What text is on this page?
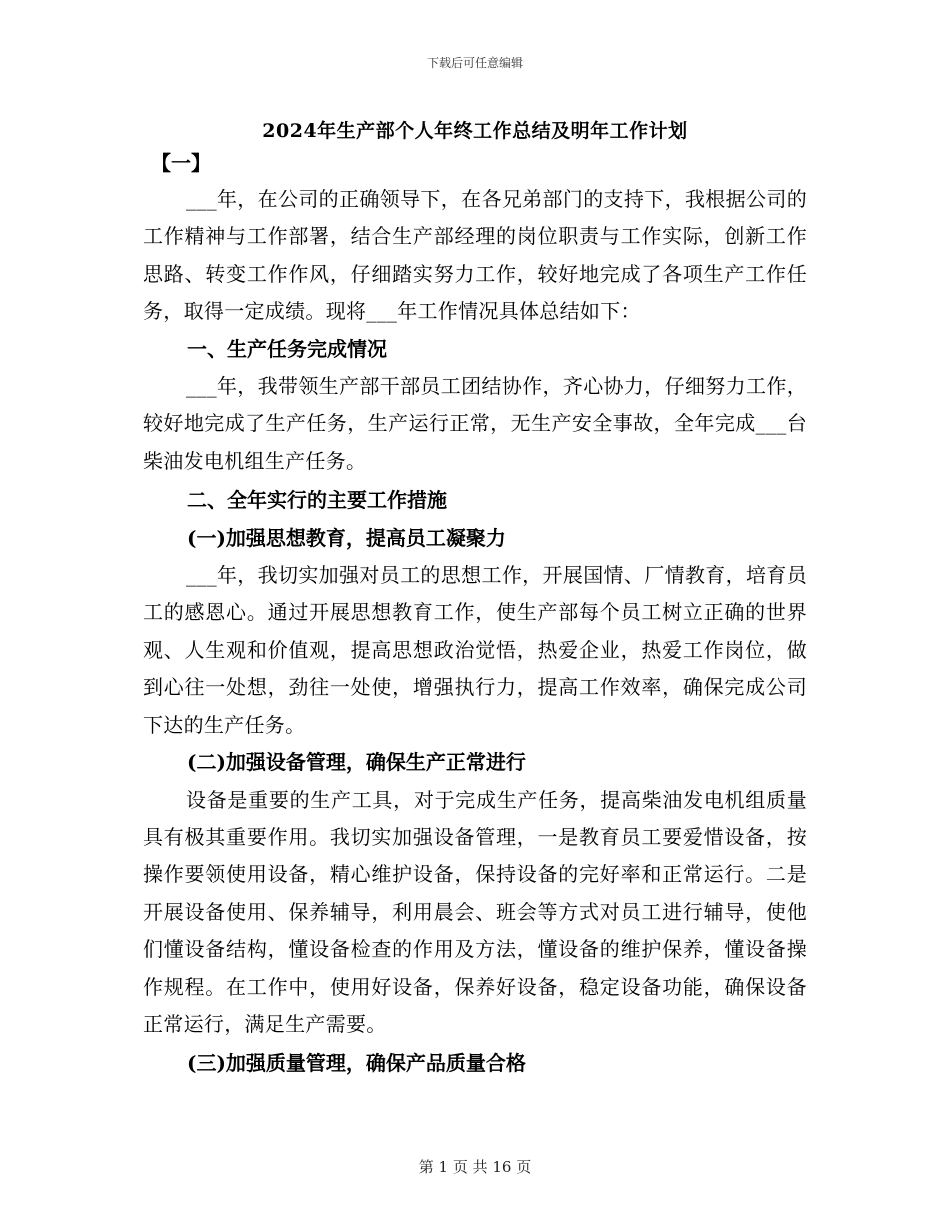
下载后可任意编辑
2024年生产部个人年终工作总结及明年工作计划

【一】

___年，在公司的正确领导下，在各兄弟部门的支持下，我根据公司的工作精神与工作部署，结合生产部经理的岗位职责与工作实际，创新工作思路、转变工作作风，仔细踏实努力工作，较好地完成了各项生产工作任务，取得一定成绩。现将___年工作情况具体总结如下：

一、生产任务完成情况

___年，我带领生产部干部员工团结协作，齐心协力，仔细努力工作，较好地完成了生产任务，生产运行正常，无生产安全事故，全年完成___台柴油发电机组生产任务。

二、全年实行的主要工作措施

(一)加强思想教育，提高员工凝聚力

___年，我切实加强对员工的思想工作，开展国情、厂情教育，培育员工的感恩心。通过开展思想教育工作，使生产部每个员工树立正确的世界观、人生观和价值观，提高思想政治觉悟，热爱企业，热爱工作岗位，做到心往一处想，劲往一处使，增强执行力，提高工作效率，确保完成公司下达的生产任务。

(二)加强设备管理，确保生产正常进行

设备是重要的生产工具，对于完成生产任务，提高柴油发电机组质量具有极其重要作用。我切实加强设备管理，一是教育员工要爱惜设备，按操作要领使用设备，精心维护设备，保持设备的完好率和正常运行。二是开展设备使用、保养辅导，利用晨会、班会等方式对员工进行辅导，使他们懂设备结构，懂设备检查的作用及方法，懂设备的维护保养，懂设备操作规程。在工作中，使用好设备，保养好设备，稳定设备功能，确保设备正常运行，满足生产需要。

(三)加强质量管理，确保产品质量合格

第 1 页 共 16 页
